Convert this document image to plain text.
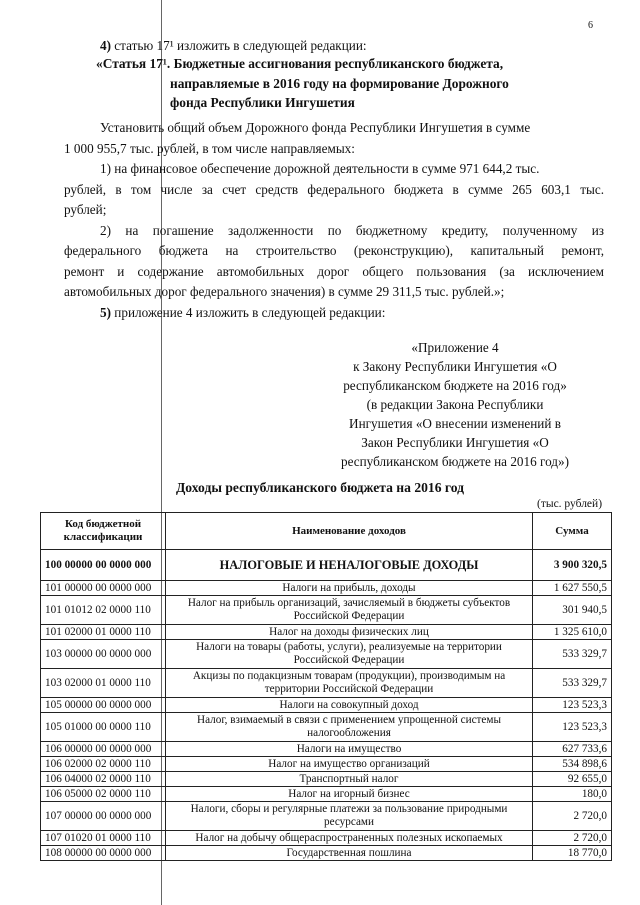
6

4) статью 17¹ изложить в следующей редакции:

«Статья 17¹. Бюджетные ассигнования республиканского бюджета,
направляемые в 2016 году на формирование Дорожного
фонда Республики Ингушетия
Установить общий объем Дорожного фонда Республики Ингушетия в сумме
1 000 955,7 тыс. рублей, в том числе направляемых:
1) на финансовое обеспечение дорожной деятельности в сумме 971 644,2 тыс.
рублей, в том числе за счет средств федерального бюджета в сумме 265 603,1 тыс.
рублей;
2) на погашение задолженности по бюджетному кредиту, полученному из
федерального бюджета на строительство (реконструкцию), капитальный ремонт,
ремонт и содержание автомобильных дорог общего пользования (за исключением
автомобильных дорог федерального значения) в сумме 29 311,5 тыс. рублей.»;
5) приложение 4 изложить в следующей редакции:
«Приложение 4
к Закону Республики Ингушетия «О
республиканском бюджете на 2016 год»
(в редакции Закона Республики
Ингушетия «О внесении изменений в
Закон Республики Ингушетия «О
республиканском бюджете на 2016 год»)
Доходы республиканского бюджета на 2016 год
(тыс. рублей)
Код бюджетной классификации	Наименование доходов	Сумма
100 00000 00 0000 000	НАЛОГОВЫЕ И НЕНАЛОГОВЫЕ ДОХОДЫ	3 900 320,5
101 00000 00 0000 000	Налоги на прибыль, доходы	1 627 550,5
101 01012 02 0000 110	Налог на прибыль организаций, зачисляемый в бюджеты субъектов Российской Федерации	301 940,5
101 02000 01 0000 110	Налог на доходы физических лиц	1 325 610,0
103 00000 00 0000 000	Налоги на товары (работы, услуги), реализуемые на территории Российской Федерации	533 329,7
103 02000 01 0000 110	Акцизы по подакцизным товарам (продукции), производимым на территории Российской Федерации	533 329,7
105 00000 00 0000 000	Налоги на совокупный доход	123 523,3
105 01000 00 0000 110	Налог, взимаемый в связи с применением упрощенной системы налогообложения	123 523,3
106 00000 00 0000 000	Налоги на имущество	627 733,6
106 02000 02 0000 110	Налог на имущество организаций	534 898,6
106 04000 02 0000 110	Транспортный налог	92 655,0
106 05000 02 0000 110	Налог на игорный бизнес	180,0
107 00000 00 0000 000	Налоги, сборы и регулярные платежи за пользование природными ресурсами	2 720,0
107 01020 01 0000 110	Налог на добычу общераспространенных полезных ископаемых	2 720,0
108 00000 00 0000 000	Государственная пошлина	18 770,0
